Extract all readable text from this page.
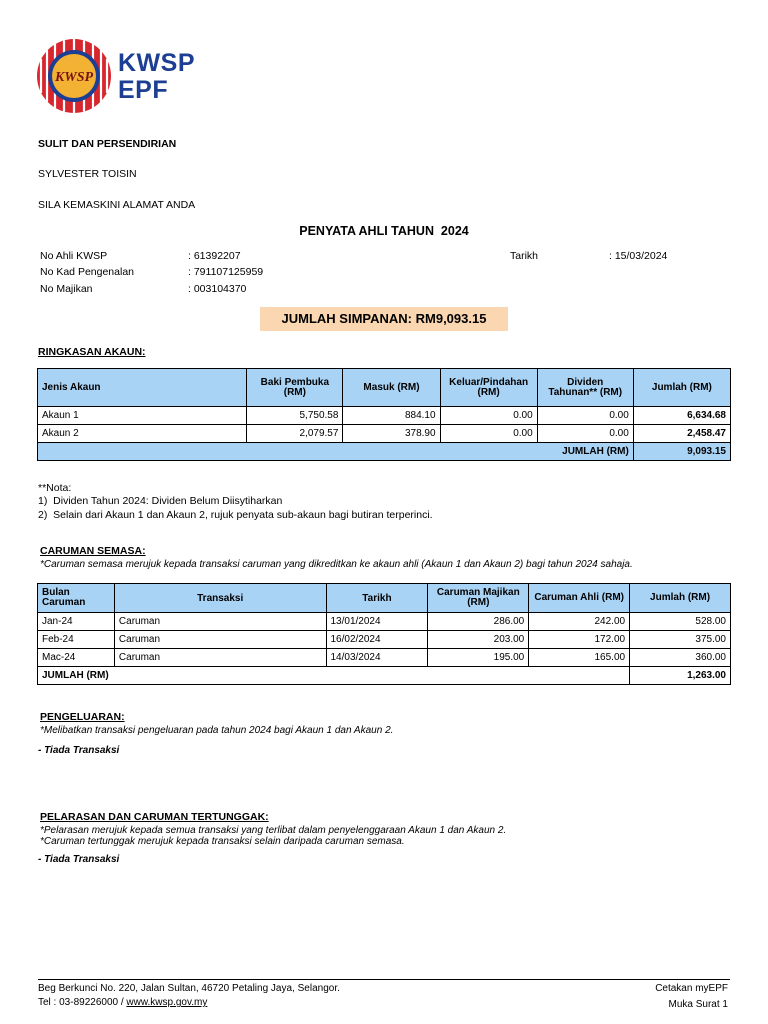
KWSP
KWSP
EPF
SULIT DAN PERSENDIRIAN
SYLVESTER TOISIN
SILA KEMASKINI ALAMAT ANDA
PENYATA AHLI TAHUN  2024
No Ahli KWSP	: 61392207
No Kad Pengenalan	: 791107125959
No Majikan	: 003104370
Tarikh	: 15/03/2024
JUMLAH SIMPANAN: RM9,093.15
RINGKASAN AKAUN:
Jenis Akaun	Baki Pembuka (RM)	Masuk (RM)	Keluar/Pindahan (RM)	Dividen Tahunan** (RM)	Jumlah (RM)
Akaun 1	5,750.58	884.10	0.00	0.00	6,634.68
Akaun 2	2,079.57	378.90	0.00	0.00	2,458.47
JUMLAH (RM)					9,093.15
**Nota:
1)  Dividen Tahun 2024: Dividen Belum Diisytiharkan
2)  Selain dari Akaun 1 dan Akaun 2, rujuk penyata sub-akaun bagi butiran terperinci.
CARUMAN SEMASA:
*Caruman semasa merujuk kepada transaksi caruman yang dikreditkan ke akaun ahli (Akaun 1 dan Akaun 2) bagi tahun 2024 sahaja.
Bulan Caruman	Transaksi	Tarikh	Caruman Majikan (RM)	Caruman Ahli (RM)	Jumlah (RM)
Jan-24	Caruman	13/01/2024	286.00	242.00	528.00
Feb-24	Caruman	16/02/2024	203.00	172.00	375.00
Mac-24	Caruman	14/03/2024	195.00	165.00	360.00
JUMLAH (RM)					1,263.00
PENGELUARAN:
*Melibatkan transaksi pengeluaran pada tahun 2024 bagi Akaun 1 dan Akaun 2.
- Tiada Transaksi
PELARASAN DAN CARUMAN TERTUNGGAK:
*Pelarasan merujuk kepada semua transaksi yang terlibat dalam penyelenggaraan Akaun 1 dan Akaun 2.
*Caruman tertunggak merujuk kepada transaksi selain daripada caruman semasa.
- Tiada Transaksi
Beg Berkunci No. 220, Jalan Sultan, 46720 Petaling Jaya, Selangor.
Tel : 03-89226000 / www.kwsp.gov.my
Cetakan myEPF
Muka Surat 1
